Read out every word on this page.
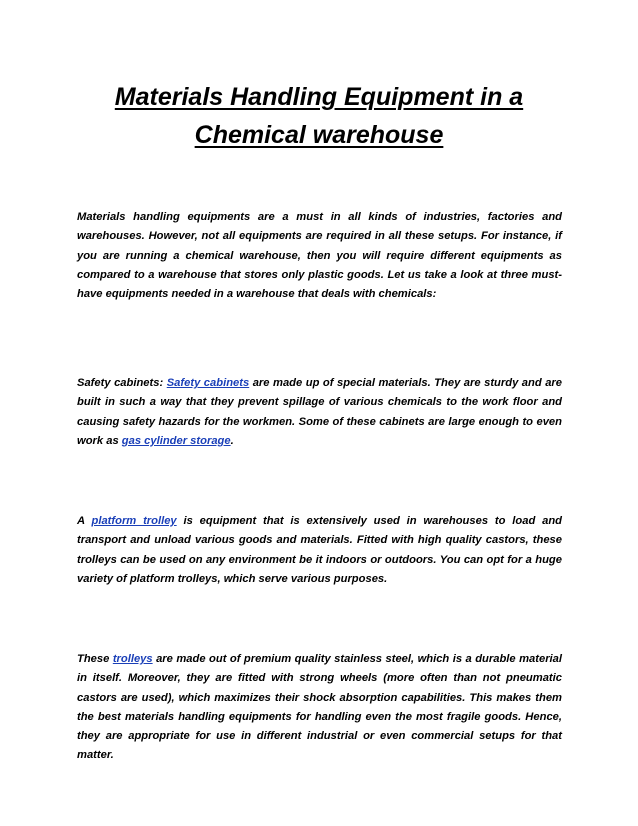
Materials Handling Equipment in a
Chemical warehouse

Materials handling equipments are a must in all kinds of industries, factories and warehouses. However, not all equipments are required in all these setups. For instance, if you are running a chemical warehouse, then you will require different equipments as compared to a warehouse that stores only plastic goods. Let us take a look at three must-have equipments needed in a warehouse that deals with chemicals:

Safety cabinets: Safety cabinets are made up of special materials. They are sturdy and are built in such a way that they prevent spillage of various chemicals to the work floor and causing safety hazards for the workmen. Some of these cabinets are large enough to even work as gas cylinder storage.

A platform trolley is equipment that is extensively used in warehouses to load and transport and unload various goods and materials. Fitted with high quality castors, these trolleys can be used on any environment be it indoors or outdoors. You can opt for a huge variety of platform trolleys, which serve various purposes.

These trolleys are made out of premium quality stainless steel, which is a durable material in itself. Moreover, they are fitted with strong wheels (more often than not pneumatic castors are used), which maximizes their shock absorption capabilities. This makes them the best materials handling equipments for handling even the most fragile goods. Hence, they are appropriate for use in different industrial or even commercial setups for that matter.
